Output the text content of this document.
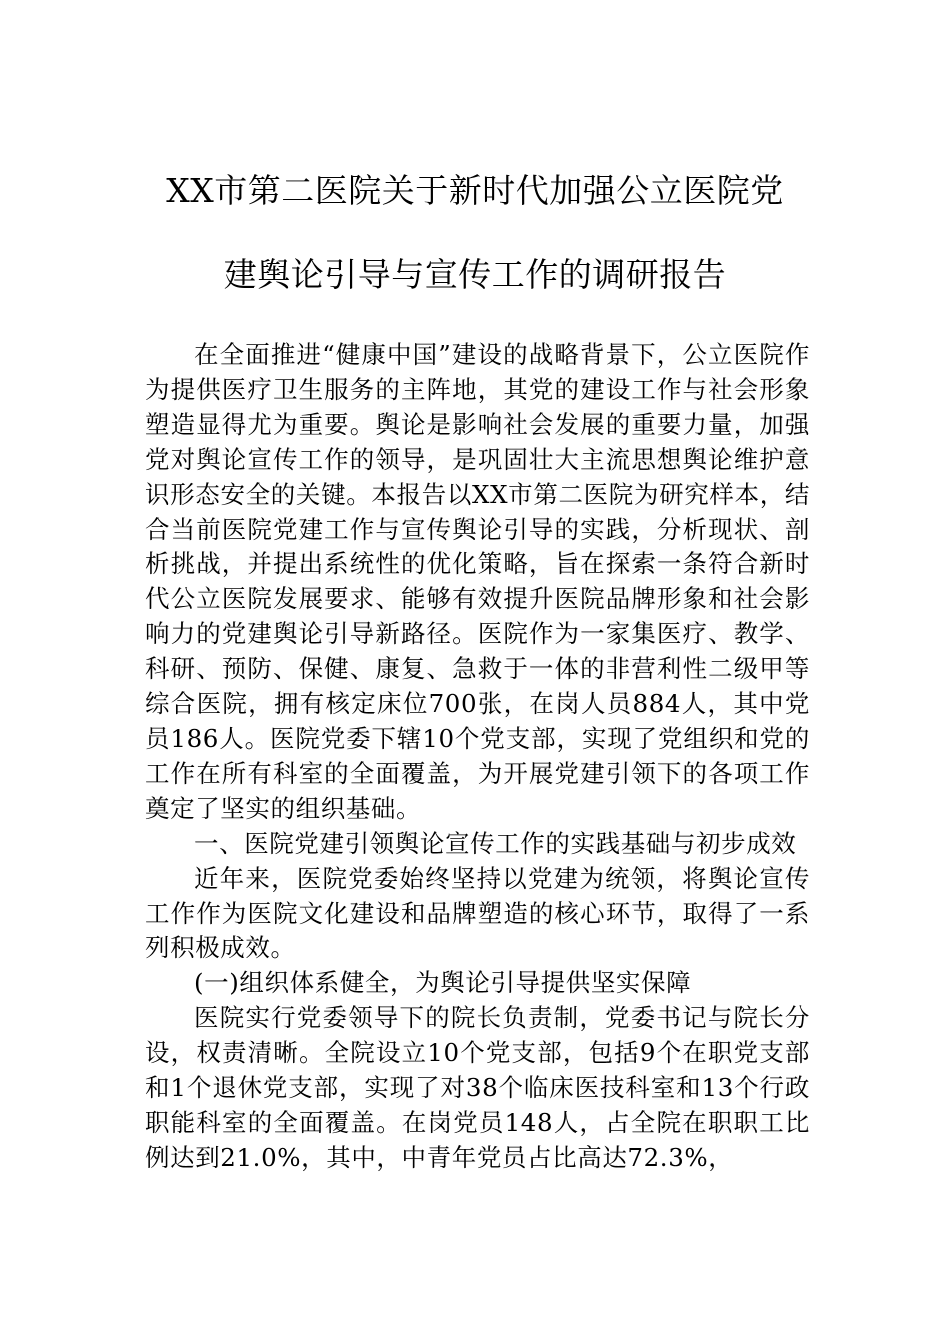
XX市第二医院关于新时代加强公立医院党
建舆论引导与宣传工作的调研报告

在全面推进“健康中国”建设的战略背景下，公立医院作为提供医疗卫生服务的主阵地，其党的建设工作与社会形象塑造显得尤为重要。舆论是影响社会发展的重要力量，加强党对舆论宣传工作的领导，是巩固壮大主流思想舆论维护意识形态安全的关键。本报告以XX市第二医院为研究样本，结合当前医院党建工作与宣传舆论引导的实践，分析现状、剖析挑战，并提出系统性的优化策略，旨在探索一条符合新时代公立医院发展要求、能够有效提升医院品牌形象和社会影响力的党建舆论引导新路径。医院作为一家集医疗、教学、科研、预防、保健、康复、急救于一体的非营利性二级甲等综合医院，拥有核定床位700张，在岗人员884人，其中党员186人。医院党委下辖10个党支部，实现了党组织和党的工作在所有科室的全面覆盖，为开展党建引领下的各项工作奠定了坚实的组织基础。

一、医院党建引领舆论宣传工作的实践基础与初步成效

近年来，医院党委始终坚持以党建为统领，将舆论宣传工作作为医院文化建设和品牌塑造的核心环节，取得了一系列积极成效。

(一)组织体系健全，为舆论引导提供坚实保障

医院实行党委领导下的院长负责制，党委书记与院长分设，权责清晰。全院设立10个党支部，包括9个在职党支部和1个退休党支部，实现了对38个临床医技科室和13个行政职能科室的全面覆盖。在岗党员148人，占全院在职职工比例达到21.0%，其中，中青年党员占比高达72.3%，
